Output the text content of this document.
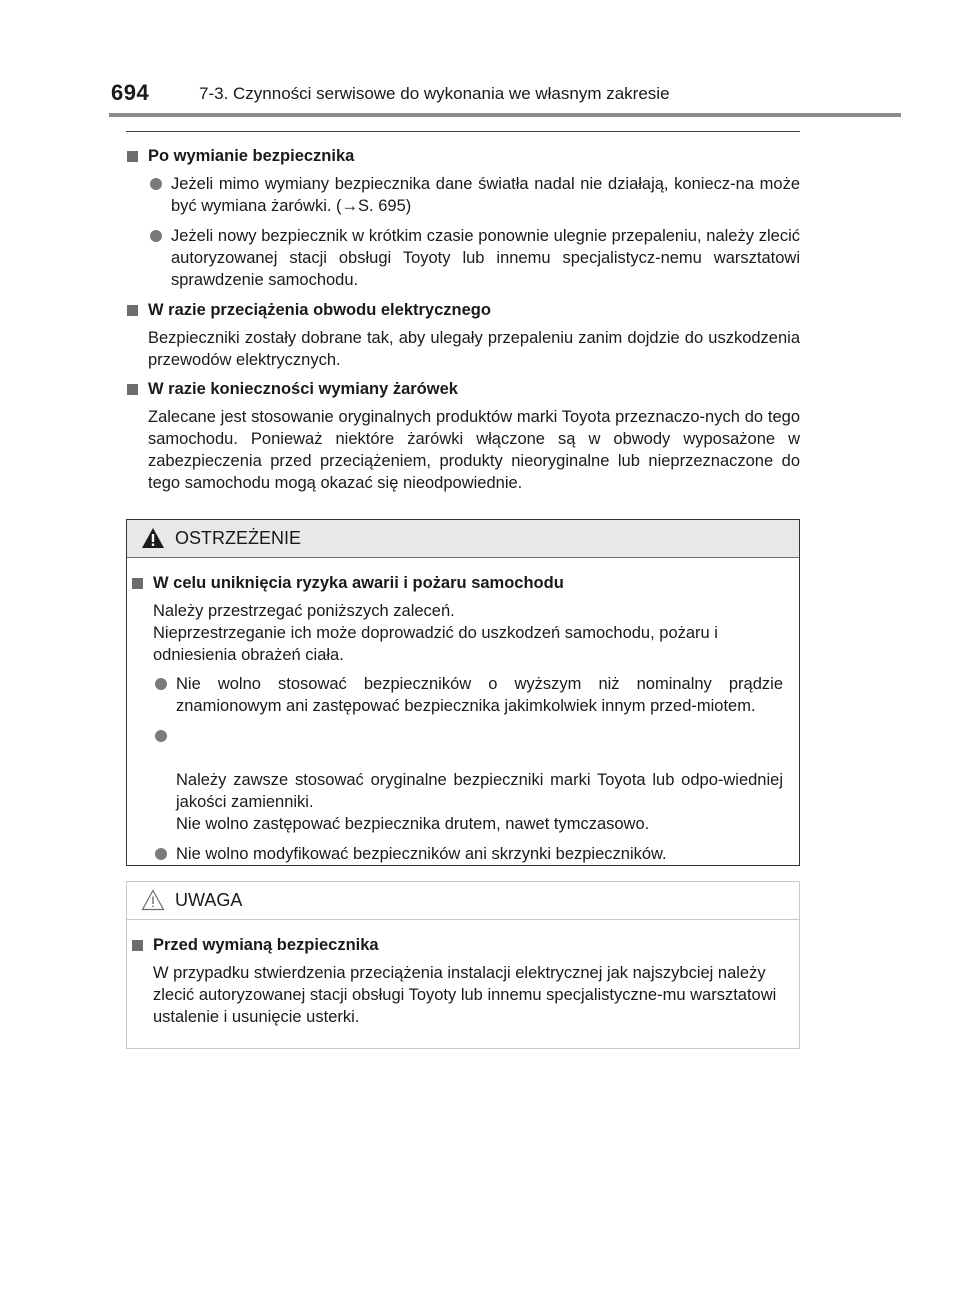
694	7-3. Czynności serwisowe do wykonania we własnym zakresie
Po wymianie bezpiecznika
Jeżeli mimo wymiany bezpiecznika dane światła nadal nie działają, koniecz-na może być wymiana żarówki. (→S. 695)
Jeżeli nowy bezpiecznik w krótkim czasie ponownie ulegnie przepaleniu, należy zlecić autoryzowanej stacji obsługi Toyoty lub innemu specjalistycz-nemu warsztatowi sprawdzenie samochodu.
W razie przeciążenia obwodu elektrycznego
Bezpieczniki zostały dobrane tak, aby ulegały przepaleniu zanim dojdzie do uszkodzenia przewodów elektrycznych.
W razie konieczności wymiany żarówek
Zalecane jest stosowanie oryginalnych produktów marki Toyota przeznaczo-nych do tego samochodu. Ponieważ niektóre żarówki włączone są w obwody wyposażone w zabezpieczenia przed przeciążeniem, produkty nieoryginalne lub nieprzeznaczone do tego samochodu mogą okazać się nieodpowiednie.
OSTRZEŻENIE
W celu uniknięcia ryzyka awarii i pożaru samochodu
Należy przestrzegać poniższych zaleceń.
Nieprzestrzeganie ich może doprowadzić do uszkodzeń samochodu, pożaru i odniesienia obrażeń ciała.
Nie wolno stosować bezpieczników o wyższym niż nominalny prądzie znamionowym ani zastępować bezpiecznika jakimkolwiek innym przed-miotem.

Należy zawsze stosować oryginalne bezpieczniki marki Toyota lub odpo-wiedniej jakości zamienniki.
Nie wolno zastępować bezpiecznika drutem, nawet tymczasowo.

Nie wolno modyfikować bezpieczników ani skrzynki bezpieczników.
UWAGA
Przed wymianą bezpiecznika
W przypadku stwierdzenia przeciążenia instalacji elektrycznej jak najszybciej należy zlecić autoryzowanej stacji obsługi Toyoty lub innemu specjalistyczne-mu warsztatowi ustalenie i usunięcie usterki.
